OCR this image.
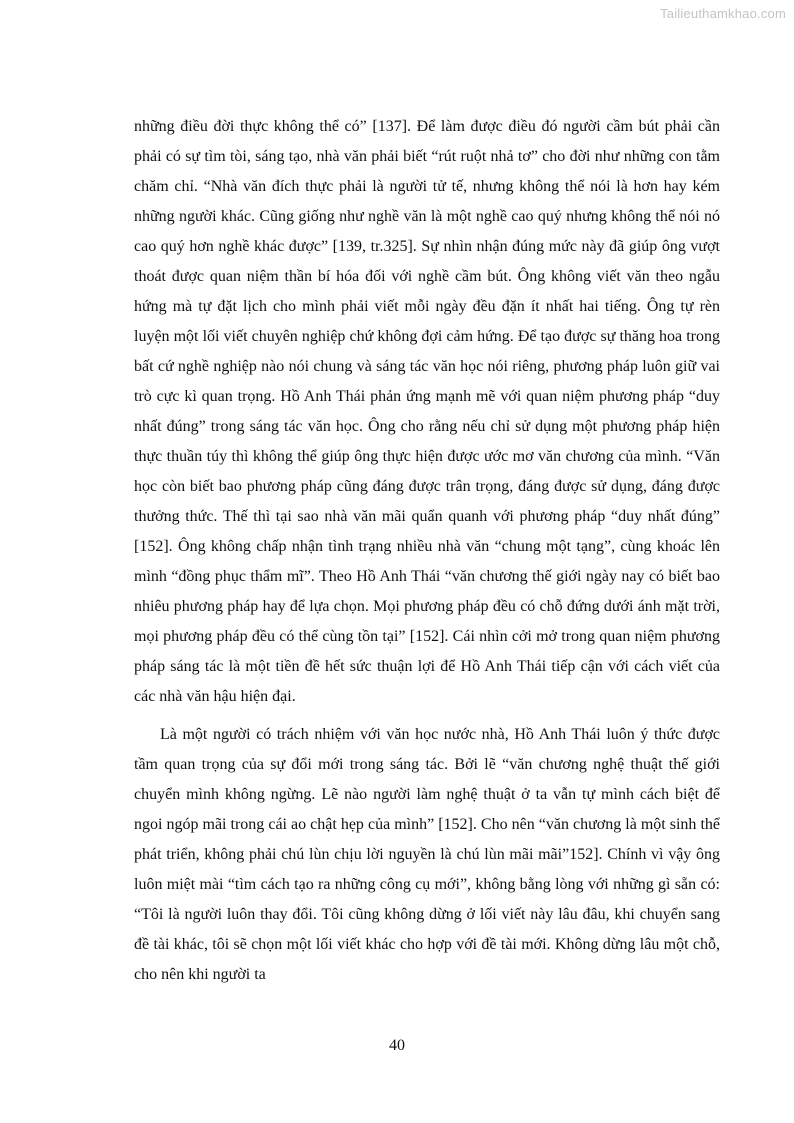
Tailieuthamkhao.com

những điều đời thực không thể có” [137]. Để làm được điều đó người cầm bút phải cần phải có sự tìm tòi, sáng tạo, nhà văn phải biết “rút ruột nhả tơ” cho đời như những con tằm chăm chỉ. “Nhà văn đích thực phải là người tử tế, nhưng không thể nói là hơn hay kém những người khác. Cũng giống như nghề văn là một nghề cao quý nhưng không thể nói nó cao quý hơn nghề khác được” [139, tr.325]. Sự nhìn nhận đúng mức này đã giúp ông vượt thoát được quan niệm thần bí hóa đối với nghề cầm bút. Ông không viết văn theo ngẫu hứng mà tự đặt lịch cho mình phải viết mỗi ngày đều đặn ít nhất hai tiếng. Ông tự rèn luyện một lối viết chuyên nghiệp chứ không đợi cảm hứng. Để tạo được sự thăng hoa trong bất cứ nghề nghiệp nào nói chung và sáng tác văn học nói riêng, phương pháp luôn giữ vai trò cực kì quan trọng. Hồ Anh Thái phản ứng mạnh mẽ với quan niệm phương pháp “duy nhất đúng” trong sáng tác văn học. Ông cho rằng nếu chỉ sử dụng một phương pháp hiện thực thuần túy thì không thể giúp ông thực hiện được ước mơ văn chương của mình. “Văn học còn biết bao phương pháp cũng đáng được trân trọng, đáng được sử dụng, đáng được thưởng thức. Thế thì tại sao nhà văn mãi quẩn quanh với phương pháp “duy nhất đúng” [152]. Ông không chấp nhận tình trạng nhiều nhà văn “chung một tạng”, cùng khoác lên mình “đồng phục thẩm mĩ”. Theo Hồ Anh Thái “văn chương thế giới ngày nay có biết bao nhiêu phương pháp hay để lựa chọn. Mọi phương pháp đều có chỗ đứng dưới ánh mặt trời, mọi phương pháp đều có thể cùng tồn tại” [152]. Cái nhìn cởi mở trong quan niệm phương pháp sáng tác là một tiền đề hết sức thuận lợi để Hồ Anh Thái tiếp cận với cách viết của các nhà văn hậu hiện đại.

Là một người có trách nhiệm với văn học nước nhà, Hồ Anh Thái luôn ý thức được tầm quan trọng của sự đổi mới trong sáng tác. Bởi lẽ “văn chương nghệ thuật thế giới chuyển mình không ngừng. Lẽ nào người làm nghệ thuật ở ta vẫn tự mình cách biệt để ngoi ngóp mãi trong cái ao chật hẹp của mình” [152]. Cho nên “văn chương là một sinh thể phát triển, không phải chú lùn chịu lời nguyền là chú lùn mãi mãi”152]. Chính vì vậy ông luôn miệt mài “tìm cách tạo ra những công cụ mới”, không bằng lòng với những gì sẵn có: “Tôi là người luôn thay đổi. Tôi cũng không dừng ở lối viết này lâu đâu, khi chuyển sang đề tài khác, tôi sẽ chọn một lối viết khác cho hợp với đề tài mới. Không dừng lâu một chỗ, cho nên khi người ta

40
